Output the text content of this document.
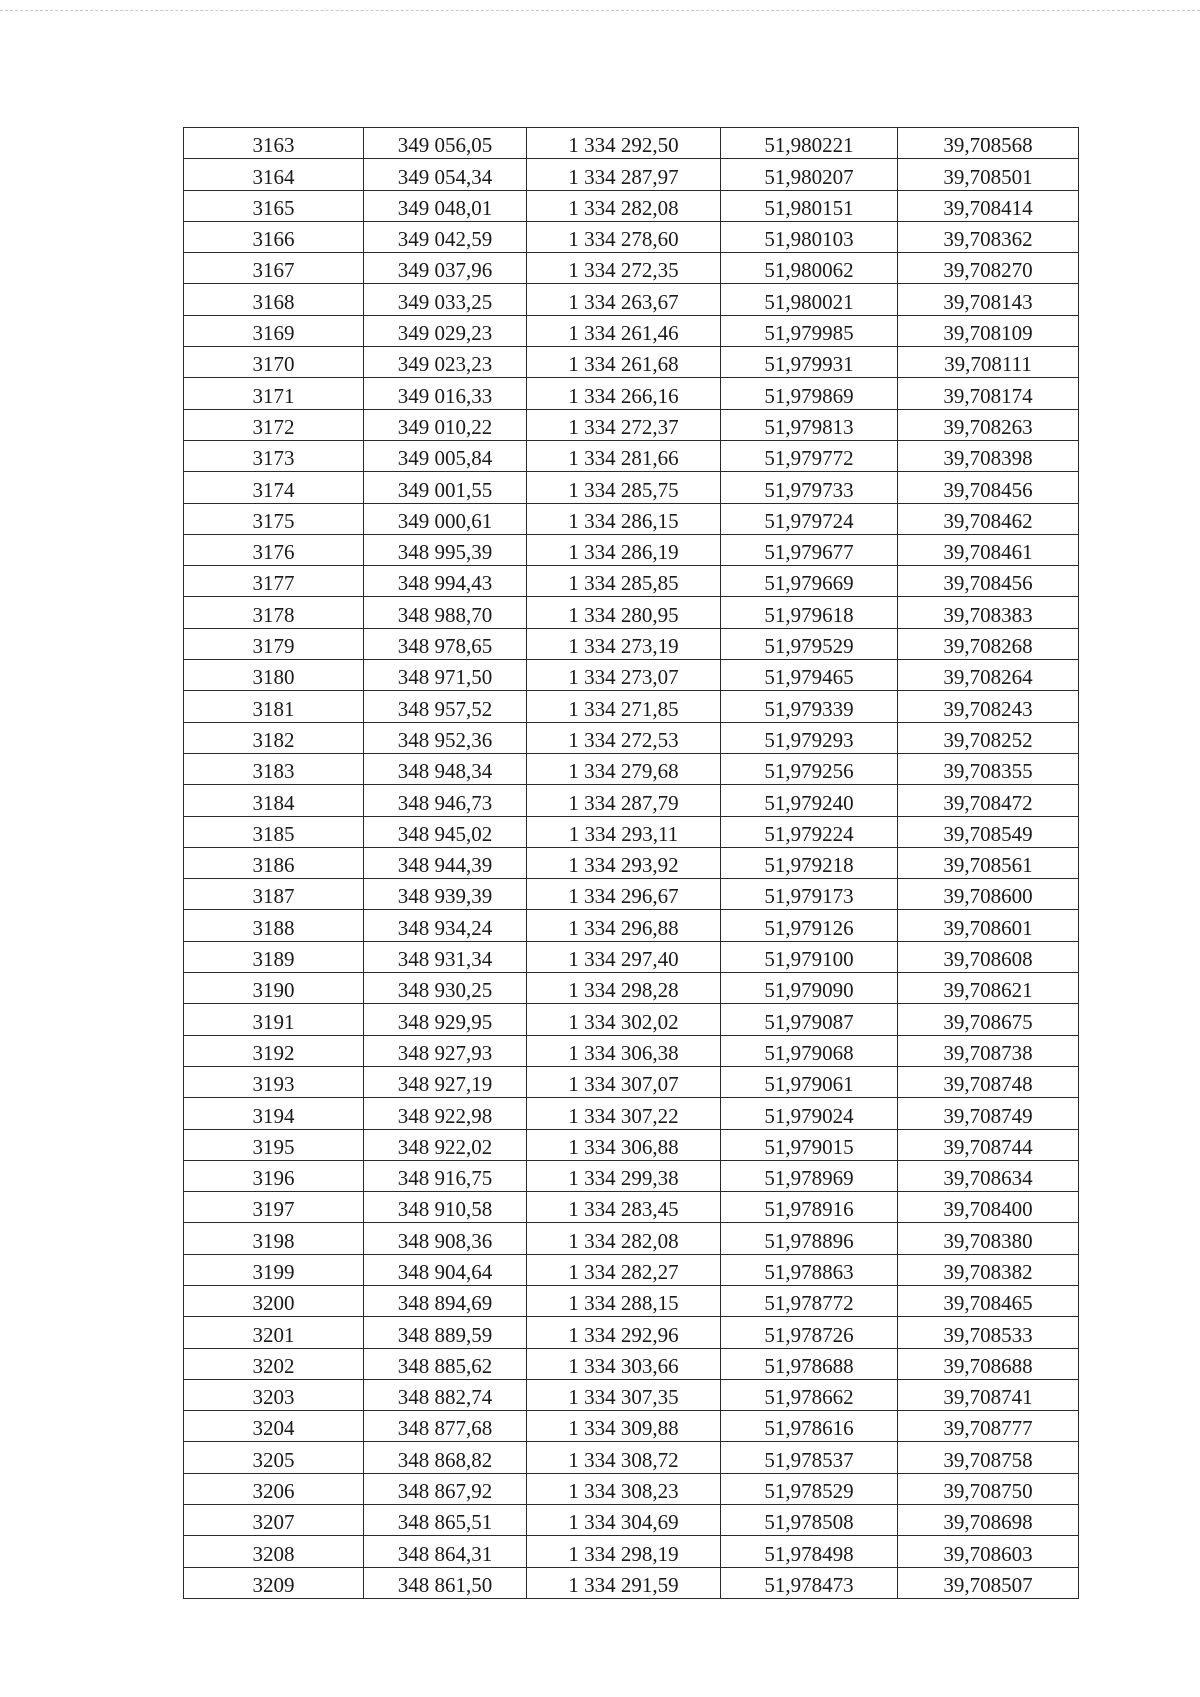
3163	349 056,05	1 334 292,50	51,980221	39,708568
3164	349 054,34	1 334 287,97	51,980207	39,708501
3165	349 048,01	1 334 282,08	51,980151	39,708414
3166	349 042,59	1 334 278,60	51,980103	39,708362
3167	349 037,96	1 334 272,35	51,980062	39,708270
3168	349 033,25	1 334 263,67	51,980021	39,708143
3169	349 029,23	1 334 261,46	51,979985	39,708109
3170	349 023,23	1 334 261,68	51,979931	39,708111
3171	349 016,33	1 334 266,16	51,979869	39,708174
3172	349 010,22	1 334 272,37	51,979813	39,708263
3173	349 005,84	1 334 281,66	51,979772	39,708398
3174	349 001,55	1 334 285,75	51,979733	39,708456
3175	349 000,61	1 334 286,15	51,979724	39,708462
3176	348 995,39	1 334 286,19	51,979677	39,708461
3177	348 994,43	1 334 285,85	51,979669	39,708456
3178	348 988,70	1 334 280,95	51,979618	39,708383
3179	348 978,65	1 334 273,19	51,979529	39,708268
3180	348 971,50	1 334 273,07	51,979465	39,708264
3181	348 957,52	1 334 271,85	51,979339	39,708243
3182	348 952,36	1 334 272,53	51,979293	39,708252
3183	348 948,34	1 334 279,68	51,979256	39,708355
3184	348 946,73	1 334 287,79	51,979240	39,708472
3185	348 945,02	1 334 293,11	51,979224	39,708549
3186	348 944,39	1 334 293,92	51,979218	39,708561
3187	348 939,39	1 334 296,67	51,979173	39,708600
3188	348 934,24	1 334 296,88	51,979126	39,708601
3189	348 931,34	1 334 297,40	51,979100	39,708608
3190	348 930,25	1 334 298,28	51,979090	39,708621
3191	348 929,95	1 334 302,02	51,979087	39,708675
3192	348 927,93	1 334 306,38	51,979068	39,708738
3193	348 927,19	1 334 307,07	51,979061	39,708748
3194	348 922,98	1 334 307,22	51,979024	39,708749
3195	348 922,02	1 334 306,88	51,979015	39,708744
3196	348 916,75	1 334 299,38	51,978969	39,708634
3197	348 910,58	1 334 283,45	51,978916	39,708400
3198	348 908,36	1 334 282,08	51,978896	39,708380
3199	348 904,64	1 334 282,27	51,978863	39,708382
3200	348 894,69	1 334 288,15	51,978772	39,708465
3201	348 889,59	1 334 292,96	51,978726	39,708533
3202	348 885,62	1 334 303,66	51,978688	39,708688
3203	348 882,74	1 334 307,35	51,978662	39,708741
3204	348 877,68	1 334 309,88	51,978616	39,708777
3205	348 868,82	1 334 308,72	51,978537	39,708758
3206	348 867,92	1 334 308,23	51,978529	39,708750
3207	348 865,51	1 334 304,69	51,978508	39,708698
3208	348 864,31	1 334 298,19	51,978498	39,708603
3209	348 861,50	1 334 291,59	51,978473	39,708507
